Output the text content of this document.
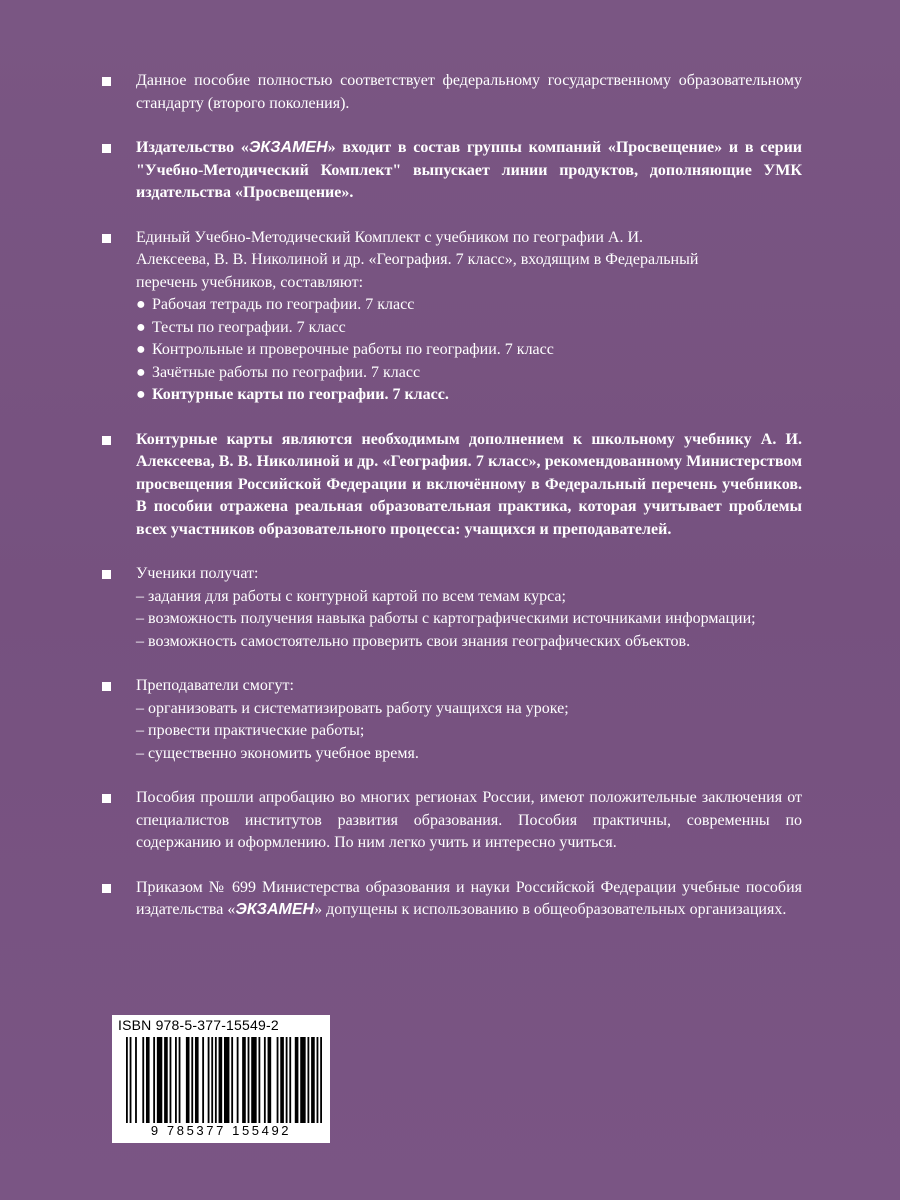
Данное пособие полностью соответствует федеральному государственному образовательному стандарту (второго поколения).

Издательство «ЭКЗАМЕН» входит в состав группы компаний «Просвещение» и в серии "Учебно-Методический Комплект" выпускает линии продуктов, дополняющие УМК издательства «Просвещение».

Единый Учебно-Методический Комплект с учебником по географии А. И. Алексеева, В. В. Николиной и др. «География. 7 класс», входящим в Федеральный перечень учебников, составляют:

● Рабочая тетрадь по географии. 7 класс
● Тесты по географии. 7 класс
● Контрольные и проверочные работы по географии. 7 класс
● Зачётные работы по географии. 7 класс
● Контурные карты по географии. 7 класс.

Контурные карты являются необходимым дополнением к школьному учебнику А. И. Алексеева, В. В. Николиной и др. «География. 7 класс», рекомендованному Министерством просвещения Российской Федерации и включённому в Федеральный перечень учебников. В пособии отражена реальная образовательная практика, которая учитывает проблемы всех участников образовательного процесса: учащихся и преподавателей.

Ученики получат:

– задания для работы с контурной картой по всем темам курса;

– возможность получения навыка работы с картографическими источниками информации;

– возможность самостоятельно проверить свои знания географических объектов.

Преподаватели смогут:

– организовать и систематизировать работу учащихся на уроке;

– провести практические работы;

– существенно экономить учебное время.

Пособия прошли апробацию во многих регионах России, имеют положительные заключения от специалистов институтов развития образования. Пособия практичны, современны по содержанию и оформлению. По ним легко учить и интересно учиться.

Приказом № 699 Министерства образования и науки Российской Федерации учебные пособия издательства «ЭКЗАМЕН» допущены к использованию в общеобразовательных организациях.

ISBN 978-5-377-15549-2
9 785377 155492
